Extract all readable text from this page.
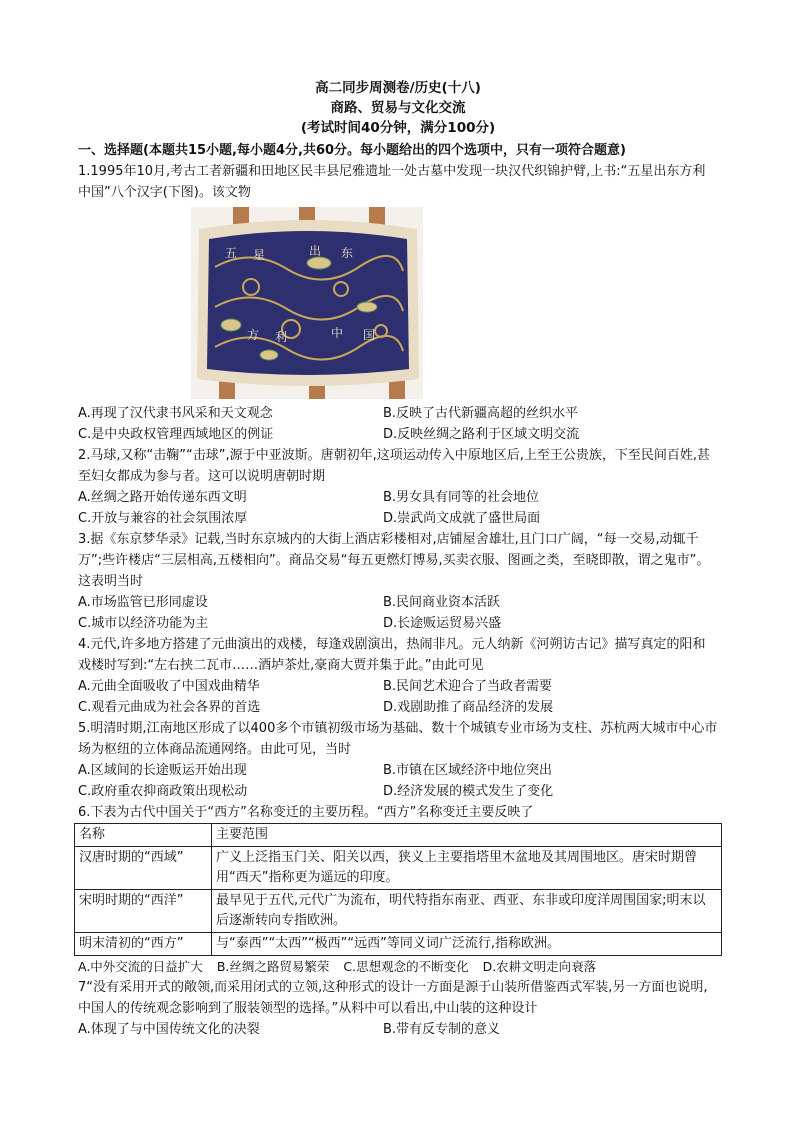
高二同步周测卷/历史(十八)
商路、贸易与文化交流
(考试时间40分钟，满分100分)
一、选择题(本题共15小题,每小题4分,共60分。每小题给出的四个选项中，只有一项符合题意)

1.1995年10月,考古工者新疆和田地区民丰县尼雅遗址一处古墓中发现一块汉代织锦护臂,上书:“五星出东方利中国”八个汉字(下图)。该文物

五 星	出 东
方 利	中 国
A.再现了汉代隶书风采和天文观念	B.反映了古代新疆高超的丝织水平
C.是中央政权管理西域地区的例证	D.反映丝绸之路利于区域文明交流

2.马球,又称“击鞠”“击球”,源于中亚波斯。唐朝初年,这项运动传入中原地区后,上至王公贵族，下至民间百姓,甚至妇女都成为参与者。这可以说明唐朝时期

A.丝绸之路开始传递东西文明	B.男女具有同等的社会地位
C.开放与兼容的社会氛围浓厚	D.崇武尚文成就了盛世局面

3.据《东京梦华录》记载,当时东京城内的大街上酒店彩楼相对,店铺屋舍雄壮,且门口广阔，“每一交易,动辄千万”;些许楼店“三层相高,五楼相向”。商品交易“每五更燃灯博易,买卖衣服、图画之类，至晓即散，谓之鬼市”。这表明当时

A.市场监管已形同虚设	B.民间商业资本活跃
C.城市以经济功能为主	D.长途贩运贸易兴盛

4.元代,许多地方搭建了元曲演出的戏楼，每逢戏剧演出，热闹非凡。元人纳新《河朔访古记》描写真定的阳和戏楼时写到:“左右挟二瓦市……酒垆茶灶,豪商大贾并集于此。”由此可见

A.元曲全面吸收了中国戏曲精华	B.民间艺术迎合了当政者需要
C.观看元曲成为社会各界的首选	D.戏剧助推了商品经济的发展

5.明清时期,江南地区形成了以400多个市镇初级市场为基础、数十个城镇专业市场为支柱、苏杭两大城市中心市场为枢纽的立体商品流通网络。由此可见，当时

A.区域间的长途贩运开始出现	B.市镇在区域经济中地位突出
C.政府重农抑商政策出现松动	D.经济发展的模式发生了变化

6.下表为古代中国关于“西方”名称变迁的主要历程。“西方”名称变迁主要反映了

名称	主要范围
汉唐时期的“西域”	广义上泛指玉门关、阳关以西，狭义上主要指塔里木盆地及其周围地区。唐宋时期曾用“西天”指称更为遥远的印度。
宋明时期的“西洋”	最早见于五代,元代广为流布，明代特指东南亚、西亚、东非或印度洋周围国家;明末以后逐渐转向专指欧洲。
明末清初的“西方”	与“泰西”“太西”“极西”“远西”等同义词广泛流行,指称欧洲。
A.中外交流的日益扩大 B.丝绸之路贸易繁荣 C.思想观念的不断变化 D.农耕文明走向衰落

7“没有采用开式的敞领,而采用闭式的立领,这种形式的设计一方面是源于山装所借鉴西式军装,另一方面也说明,中国人的传统观念影响到了服装领型的选择。”从料中可以看出,中山装的这种设计

A.体现了与中国传统文化的决裂	B.带有反专制的意义
